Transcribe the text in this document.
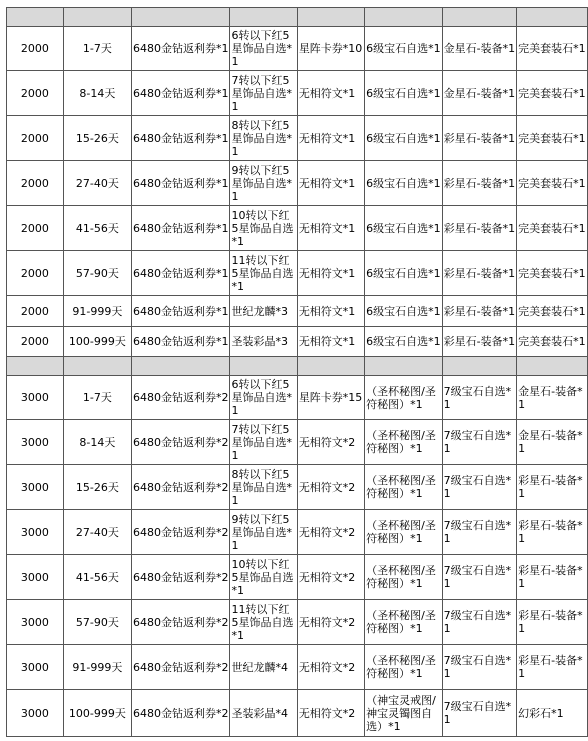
2000	1-7天	6480金钻返利券*1	6转以下红5星饰品自选*1	星阵卡券*10	6级宝石自选*1	金星石-装备*1	完美套装石*1
2000	8-14天	6480金钻返利券*1	7转以下红5星饰品自选*1	无相符文*1	6级宝石自选*1	金星石-装备*1	完美套装石*1
2000	15-26天	6480金钻返利券*1	8转以下红5星饰品自选*1	无相符文*1	6级宝石自选*1	彩星石-装备*1	完美套装石*1
2000	27-40天	6480金钻返利券*1	9转以下红5星饰品自选*1	无相符文*1	6级宝石自选*1	彩星石-装备*1	完美套装石*1
2000	41-56天	6480金钻返利券*1	10转以下红5星饰品自选*1	无相符文*1	6级宝石自选*1	彩星石-装备*1	完美套装石*1
2000	57-90天	6480金钻返利券*1	11转以下红5星饰品自选*1	无相符文*1	6级宝石自选*1	彩星石-装备*1	完美套装石*1
2000	91-999天	6480金钻返利券*1	世纪龙麟*3	无相符文*1	6级宝石自选*1	彩星石-装备*1	完美套装石*1
2000	100-999天	6480金钻返利券*1	圣装彩晶*3	无相符文*1	6级宝石自选*1	彩星石-装备*1	完美套装石*1

3000	1-7天	6480金钻返利券*2	6转以下红5星饰品自选*1	星阵卡券*15	（圣杯秘图/圣符秘图）*1	7级宝石自选*1	金星石-装备*1
3000	8-14天	6480金钻返利券*2	7转以下红5星饰品自选*1	无相符文*2	（圣杯秘图/圣符秘图）*1	7级宝石自选*1	金星石-装备*1
3000	15-26天	6480金钻返利券*2	8转以下红5星饰品自选*1	无相符文*2	（圣杯秘图/圣符秘图）*1	7级宝石自选*1	彩星石-装备*1
3000	27-40天	6480金钻返利券*2	9转以下红5星饰品自选*1	无相符文*2	（圣杯秘图/圣符秘图）*1	7级宝石自选*1	彩星石-装备*1
3000	41-56天	6480金钻返利券*2	10转以下红5星饰品自选*1	无相符文*2	（圣杯秘图/圣符秘图）*1	7级宝石自选*1	彩星石-装备*1
3000	57-90天	6480金钻返利券*2	11转以下红5星饰品自选*1	无相符文*2	（圣杯秘图/圣符秘图）*1	7级宝石自选*1	彩星石-装备*1
3000	91-999天	6480金钻返利券*2	世纪龙麟*4	无相符文*2	（圣杯秘图/圣符秘图）*1	7级宝石自选*1	彩星石-装备*1
3000	100-999天	6480金钻返利券*2	圣装彩晶*4	无相符文*2	（神宝灵戒图/神宝灵镯图自选）*1	7级宝石自选*1	幻彩石*1
